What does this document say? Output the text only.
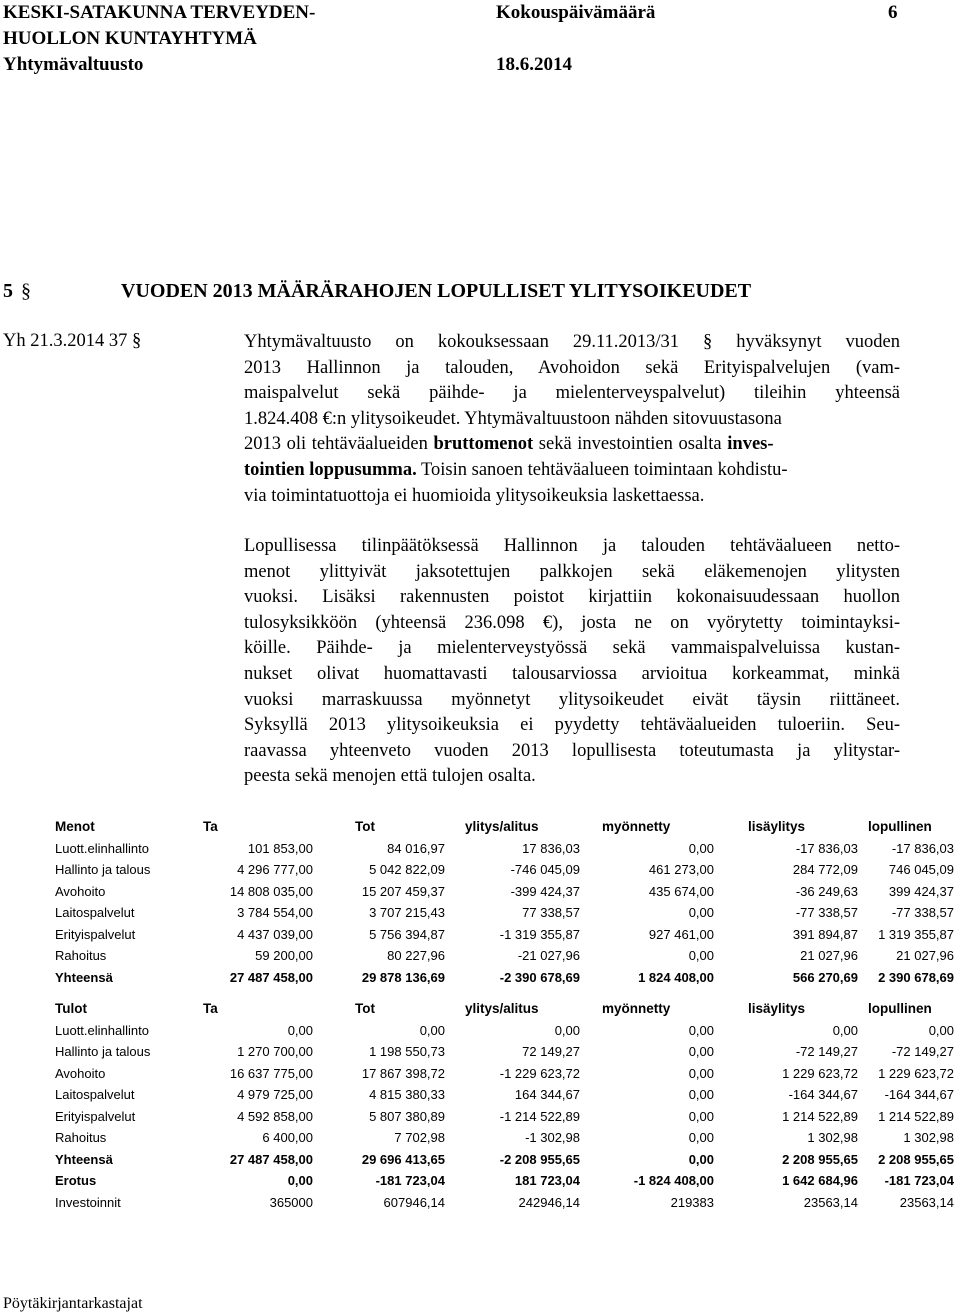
KESKI-SATAKUNNA TERVEYDEN-
HUOLLON KUNTAYHTYMÄ
Yhtymävaltuusto
Kokouspäivämäärä

18.6.2014
6
5 §	VUODEN 2013 MÄÄRÄRAHOJEN LOPULLISET YLITYSOIKEUDET
Yh 21.3.2014 37 §	Yhtymävaltuusto on kokouksessaan 29.11.2013/31 § hyväksynyt vuoden
2013 Hallinnon ja talouden, Avohoidon sekä Erityispalvelujen (vam-
maispalvelut sekä päihde- ja mielenterveyspalvelut) tileihin yhteensä
1.824.408 €:n ylitysoikeudet. Yhtymävaltuustoon nähden sitovuustasona
2013 oli tehtäväalueiden bruttomenot sekä investointien osalta inves-
tointien loppusumma. Toisin sanoen tehtäväalueen toimintaan kohdistu-
via toimintatuottoja ei huomioida ylitysoikeuksia laskettaessa.
Lopullisessa tilinpäätöksessä Hallinnon ja talouden tehtäväalueen netto-
menot ylittyivät jaksotettujen palkkojen sekä eläkemenojen ylitysten
vuoksi. Lisäksi rakennusten poistot kirjattiin kokonaisuudessaan huollon
tulosyksikköön (yhteensä 236.098 €), josta ne on vyörytetty toimintayksi-
köille. Päihde- ja mielenterveystyössä sekä vammaispalveluissa kustan-
nukset olivat huomattavasti talousarviossa arvioitua korkeammat, minkä
vuoksi marraskuussa myönnetyt ylitysoikeudet eivät täysin riittäneet.
Syksyllä 2013 ylitysoikeuksia ei pyydetty tehtäväalueiden tuloeriin. Seu-
raavassa yhteenveto vuoden 2013 lopullisesta toteutumasta ja ylitystar-
peesta sekä menojen että tulojen osalta.
Menot	Ta	Tot	ylitys/alitus	myönnetty	lisäylitys	lopullinen
Luott.elinhallinto	101 853,00	84 016,97	17 836,03	0,00	-17 836,03	-17 836,03
Hallinto ja talous	4 296 777,00	5 042 822,09	-746 045,09	461 273,00	284 772,09	746 045,09
Avohoito	14 808 035,00	15 207 459,37	-399 424,37	435 674,00	-36 249,63	399 424,37
Laitospalvelut	3 784 554,00	3 707 215,43	77 338,57	0,00	-77 338,57	-77 338,57
Erityispalvelut	4 437 039,00	5 756 394,87	-1 319 355,87	927 461,00	391 894,87	1 319 355,87
Rahoitus	59 200,00	80 227,96	-21 027,96	0,00	21 027,96	21 027,96
Yhteensä	27 487 458,00	29 878 136,69	-2 390 678,69	1 824 408,00	566 270,69	2 390 678,69
Tulot	Ta	Tot	ylitys/alitus	myönnetty	lisäylitys	lopullinen
Luott.elinhallinto	0,00	0,00	0,00	0,00	0,00	0,00
Hallinto ja talous	1 270 700,00	1 198 550,73	72 149,27	0,00	-72 149,27	-72 149,27
Avohoito	16 637 775,00	17 867 398,72	-1 229 623,72	0,00	1 229 623,72	1 229 623,72
Laitospalvelut	4 979 725,00	4 815 380,33	164 344,67	0,00	-164 344,67	-164 344,67
Erityispalvelut	4 592 858,00	5 807 380,89	-1 214 522,89	0,00	1 214 522,89	1 214 522,89
Rahoitus	6 400,00	7 702,98	-1 302,98	0,00	1 302,98	1 302,98
Yhteensä	27 487 458,00	29 696 413,65	-2 208 955,65	0,00	2 208 955,65	2 208 955,65
Erotus	0,00	-181 723,04	181 723,04	-1 824 408,00	1 642 684,96	-181 723,04
Investoinnit	365000	607946,14	242946,14	219383	23563,14	23563,14
Pöytäkirjantarkastajat
